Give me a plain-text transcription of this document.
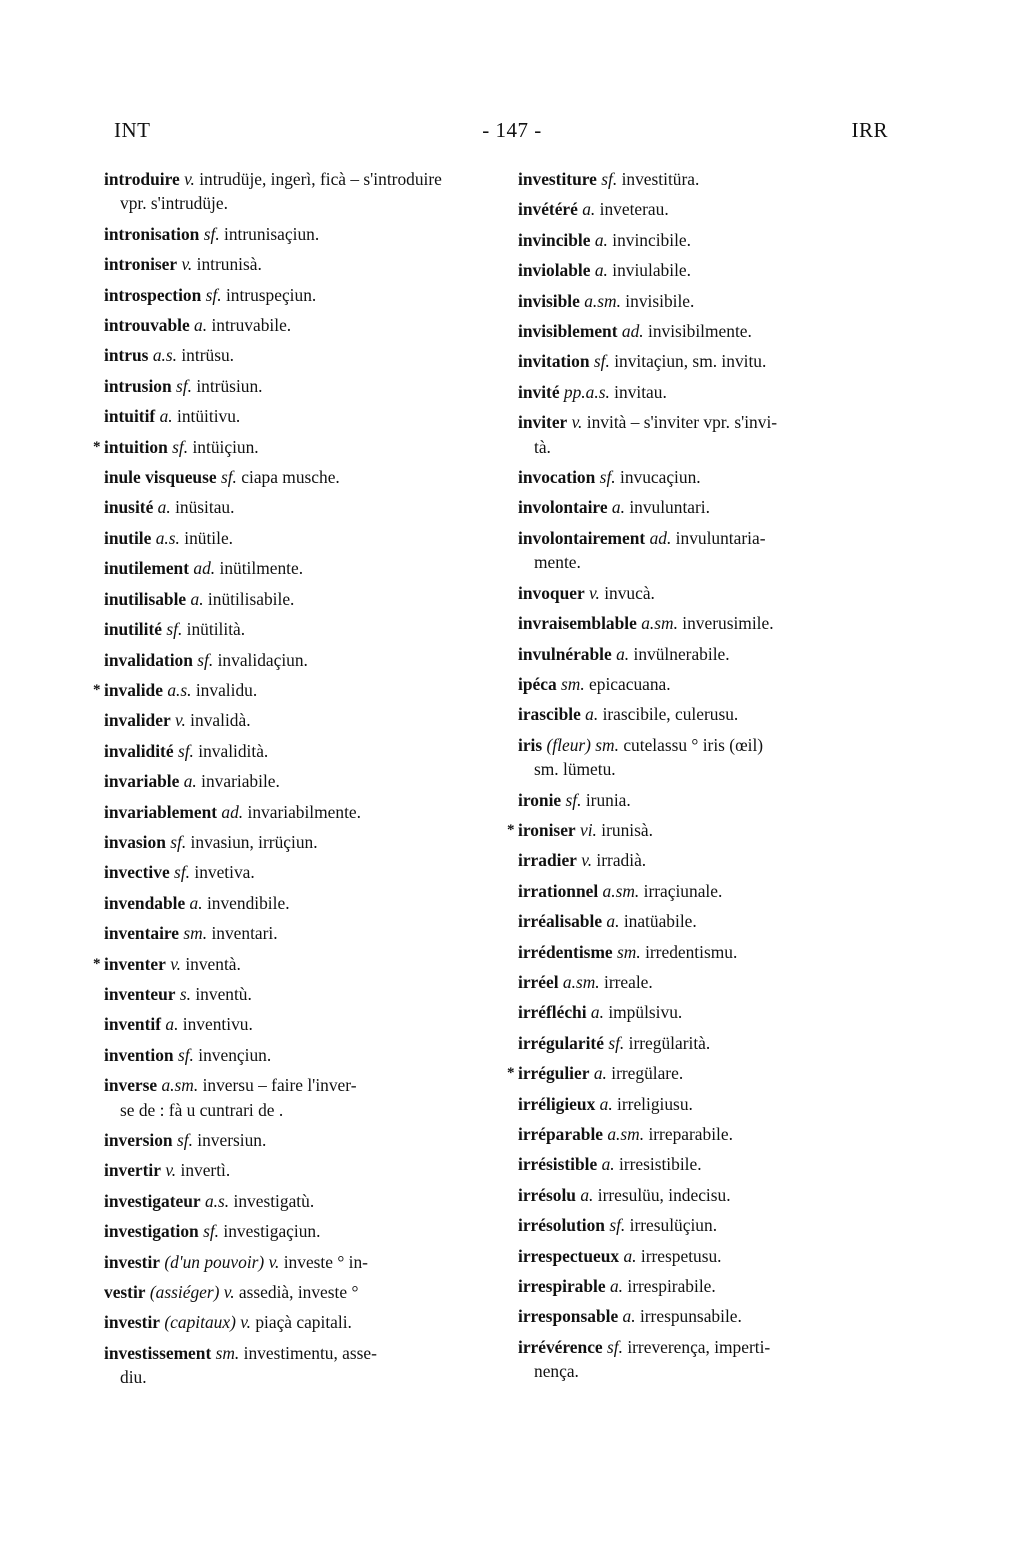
INT	- 147 -	IRR
introduire v. intrudüje, ingerì, ficà – s'introduire
vpr. s'intrudüje.
intronisation sf. intrunisaçiun.
introniser v. intrunisà.
introspection sf. intruspeçiun.
introuvable a. intruvabile.
intrus a.s. intrüsu.
intrusion sf. intrüsiun.
intuitif a. intüitivu.
* intuition sf. intüiçiun.
inule visqueuse sf. ciapa musche.
inusité a. inüsitau.
inutile a.s. inütile.
inutilement ad. inütilmente.
inutilisable a. inütilisabile.
inutilité sf. inütilità.
invalidation sf. invalidaçiun.
* invalide a.s. invalidu.
invalider v. invalidà.
invalidité sf. invalidità.
invariable a. invariabile.
invariablement ad. invariabilmente.
invasion sf. invasiun, irrüçiun.
invective sf. invetiva.
invendable a. invendibile.
inventaire sm. inventari.
* inventer v. inventà.
inventeur s. inventù.
inventif a. inventivu.
invention sf. invençiun.
inverse a.sm. inversu – faire l'inver-
se de : fà u cuntrari de .
inversion sf. inversiun.
invertir v. invertì.
investigateur a.s. investigatù.
investigation sf. investigaçiun.
investir (d'un pouvoir) v. investe ° in-
vestir (assiéger) v. assedià, investe °
investir (capitaux) v. piaçà capitali.
investissement sm. investimentu, asse-
diu.
investiture sf. investitüra.
invétéré a. inveterau.
invincible a. invincibile.
inviolable a. inviulabile.
invisible a.sm. invisibile.
invisiblement ad. invisibilmente.
invitation sf. invitaçiun, sm. invitu.
invité pp.a.s. invitau.
inviter v. invità – s'inviter vpr. s'invi-
tà.
invocation sf. invucaçiun.
involontaire a. invuluntari.
involontairement ad. invuluntaria-
mente.
invoquer v. invucà.
invraisemblable a.sm. inverusimile.
invulnérable a. invülnerabile.
ipéca sm. epicacuana.
irascible a. irascibile, culerusu.
iris (fleur) sm. cutelassu ° iris (œil)
sm. lümetu.
ironie sf. irunia.
* ironiser vi. irunisà.
irradier v. irradià.
irrationnel a.sm. irraçiunale.
irréalisable a. inatüabile.
irrédentisme sm. irredentismu.
irréel a.sm. irreale.
irréfléchi a. impülsivu.
irrégularité sf. irregülarità.
* irrégulier a. irregülare.
irréligieux a. irreligiusu.
irréparable a.sm. irreparabile.
irrésistible a. irresistibile.
irrésolu a. irresulüu, indecisu.
irrésolution sf. irresulüçiun.
irrespectueux a. irrespetusu.
irrespirable a. irrespirabile.
irresponsable a. irrespunsabile.
irrévérence sf. irreverença, imperti-
nença.
